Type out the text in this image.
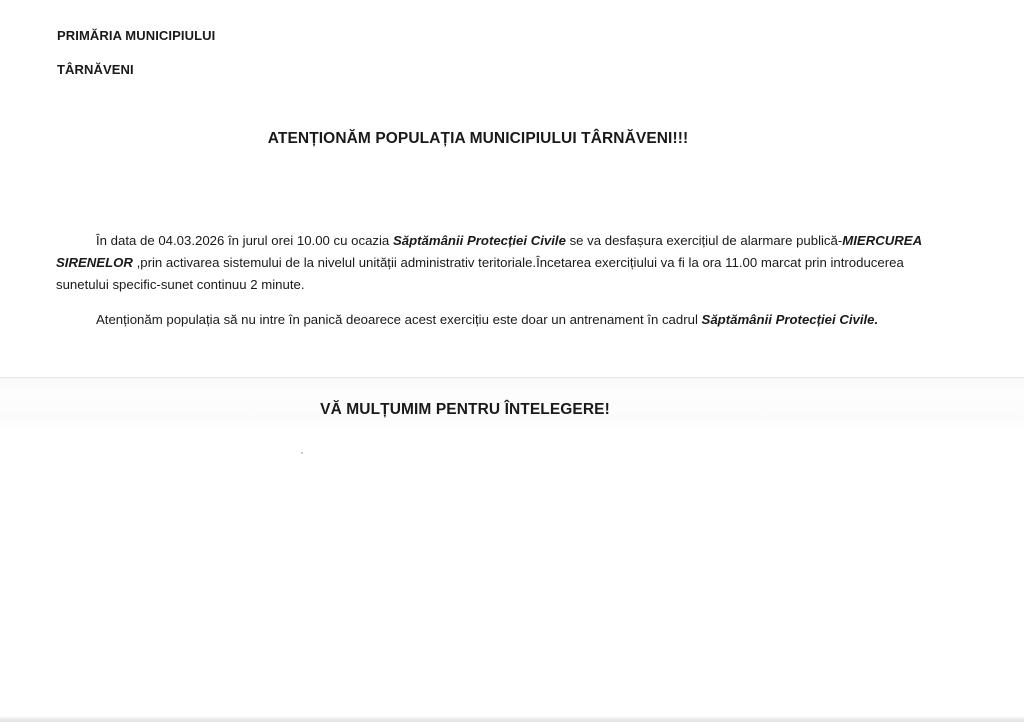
PRIMĂRIA MUNICIPIULUI
TÂRNĂVENI
ATENȚIONĂM POPULAȚIA MUNICIPIULUI TÂRNĂVENI!!!
În data de 04.03.2026 în jurul orei 10.00 cu ocazia Săptămânii Protecției Civile se va desfașura exercițiul de alarmare publică-MIERCUREA SIRENELOR ,prin activarea sistemului de la nivelul unității administrativ teritoriale.Încetarea exercițiului va fi la ora 11.00 marcat prin introducerea sunetului specific-sunet continuu 2 minute.
Atenționăm populația să nu intre în panică deoarece acest exercițiu este doar un antrenament în cadrul Săptămânii Protecției Civile.
VĂ MULȚUMIM PENTRU ÎNTELEGERE!
